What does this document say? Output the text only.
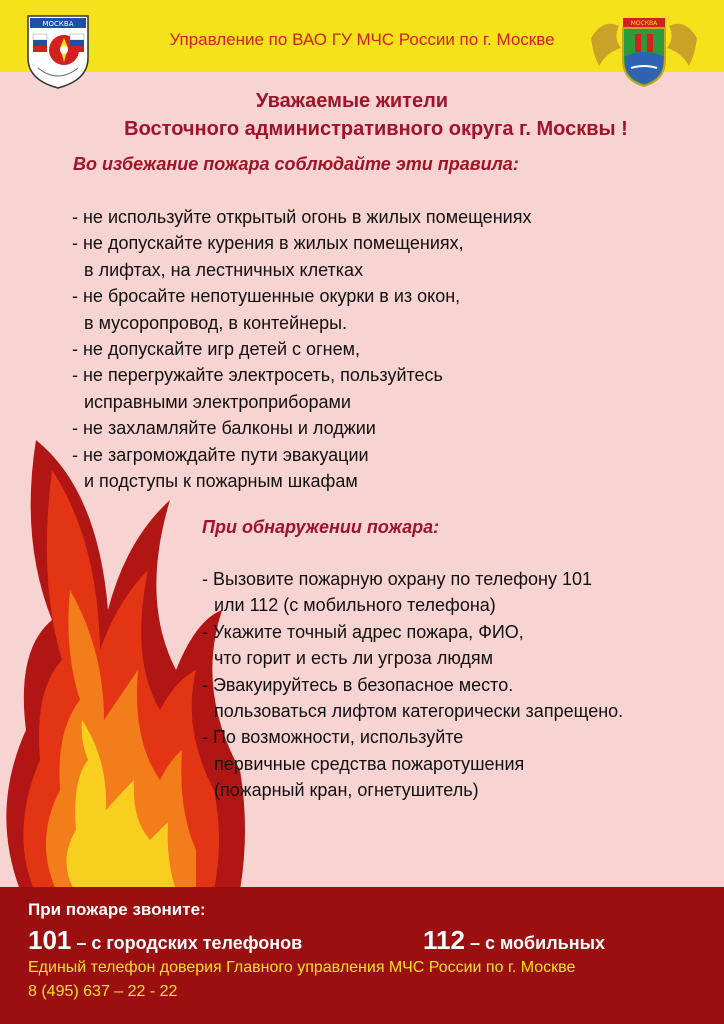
Управление по ВАО ГУ МЧС России по г. Москве
МОСКВА	МОСКВА
Уважаемые жители
Восточного административного округа г. Москвы !
Во избежание пожара соблюдайте эти правила:
- не используйте открытый огонь в жилых помещениях
- не допускайте курения в жилых помещениях,
в лифтах, на лестничных клетках
- не бросайте непотушенные окурки в из окон,
в мусоропровод, в контейнеры.
- не допускайте игр детей с огнем,
- не перегружайте электросеть, пользуйтесь
исправными электроприборами
- не захламляйте балконы и лоджии
- не загромождайте пути эвакуации
и подступы к пожарным шкафам
При обнаружении пожара:
- Вызовите пожарную охрану по телефону 101
или 112 (с мобильного телефона)
- Укажите точный адрес пожара, ФИО,
что горит и есть ли угроза людям
- Эвакуируйтесь в безопасное место.
пользоваться лифтом категорически запрещено.
- По возможности, используйте
первичные средства пожаротушения
(пожарный кран, огнетушитель)
При пожаре звоните:
101 – с городских телефонов	112 – с мобильных
Единый телефон доверия Главного управления МЧС России по г. Москве
8 (495) 637 – 22 - 22
